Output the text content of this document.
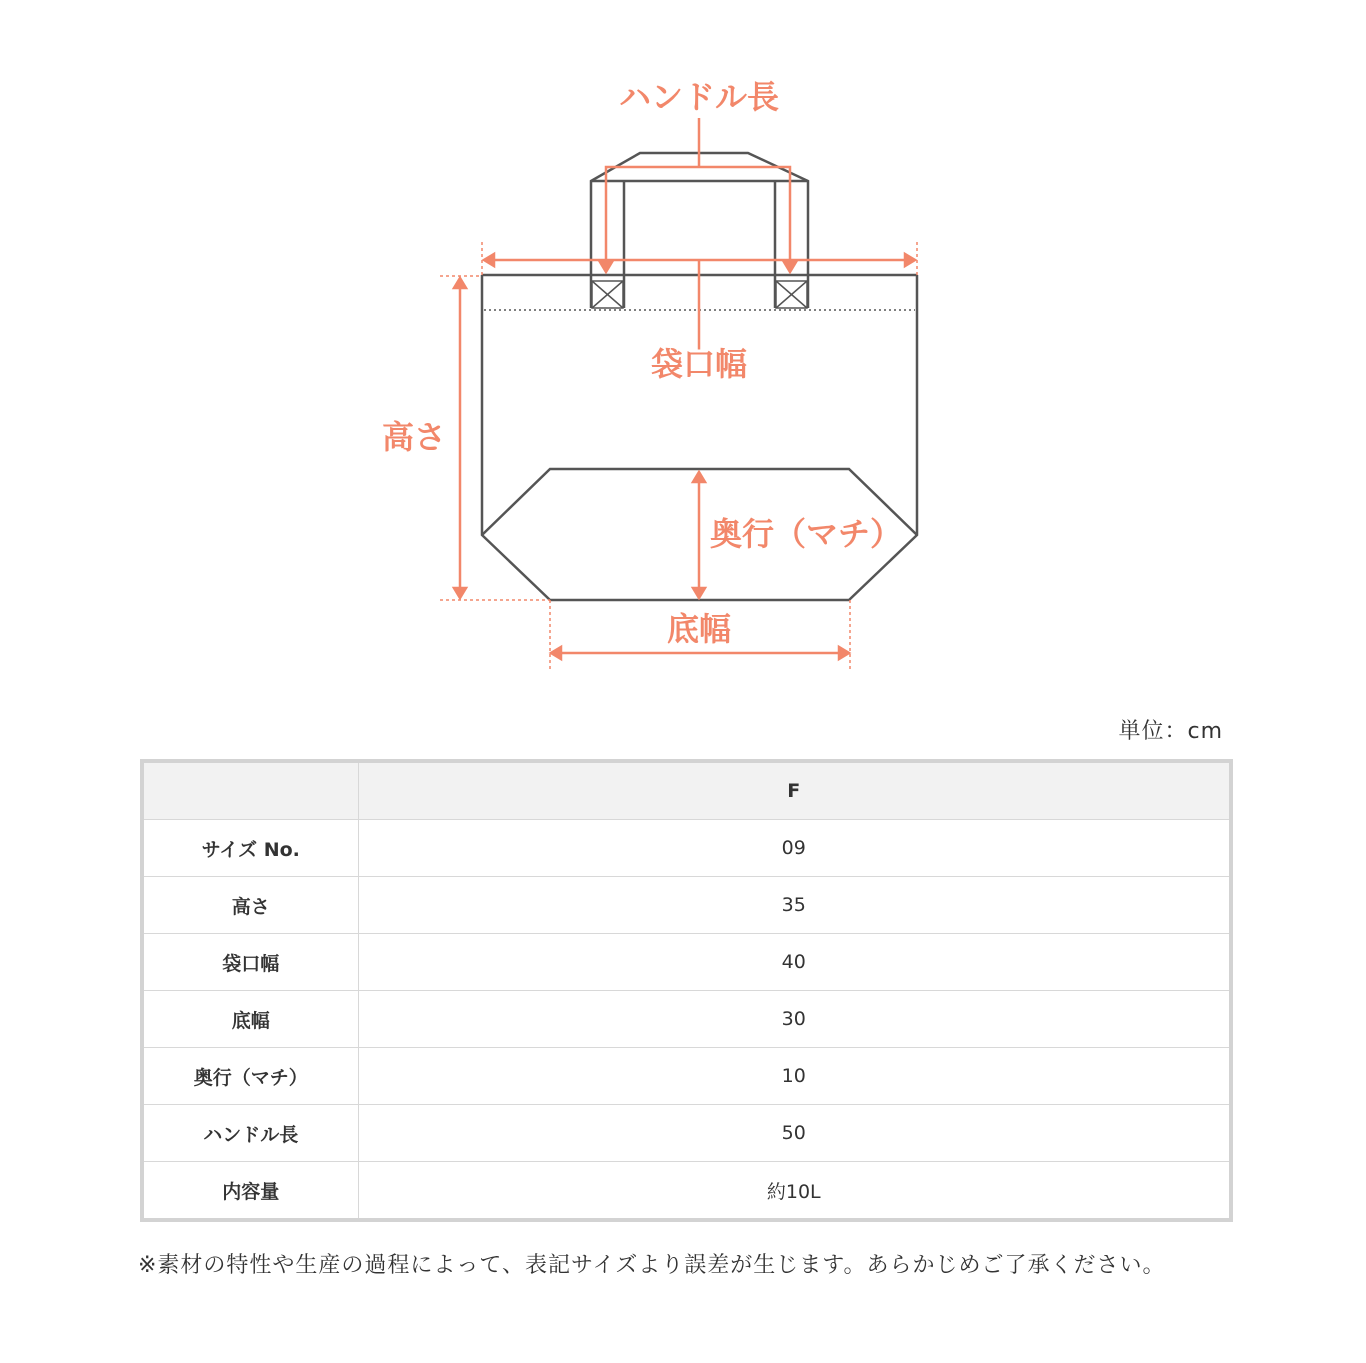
ハンドル長
袋口幅
高さ
奥行（マチ）
底幅
単位：cm
	F
サイズ No.	09
高さ	35
袋口幅	40
底幅	30
奥行（マチ）	10
ハンドル長	50
内容量	約10L
※素材の特性や生産の過程によって、表記サイズより誤差が生じます。あらかじめご了承ください。
